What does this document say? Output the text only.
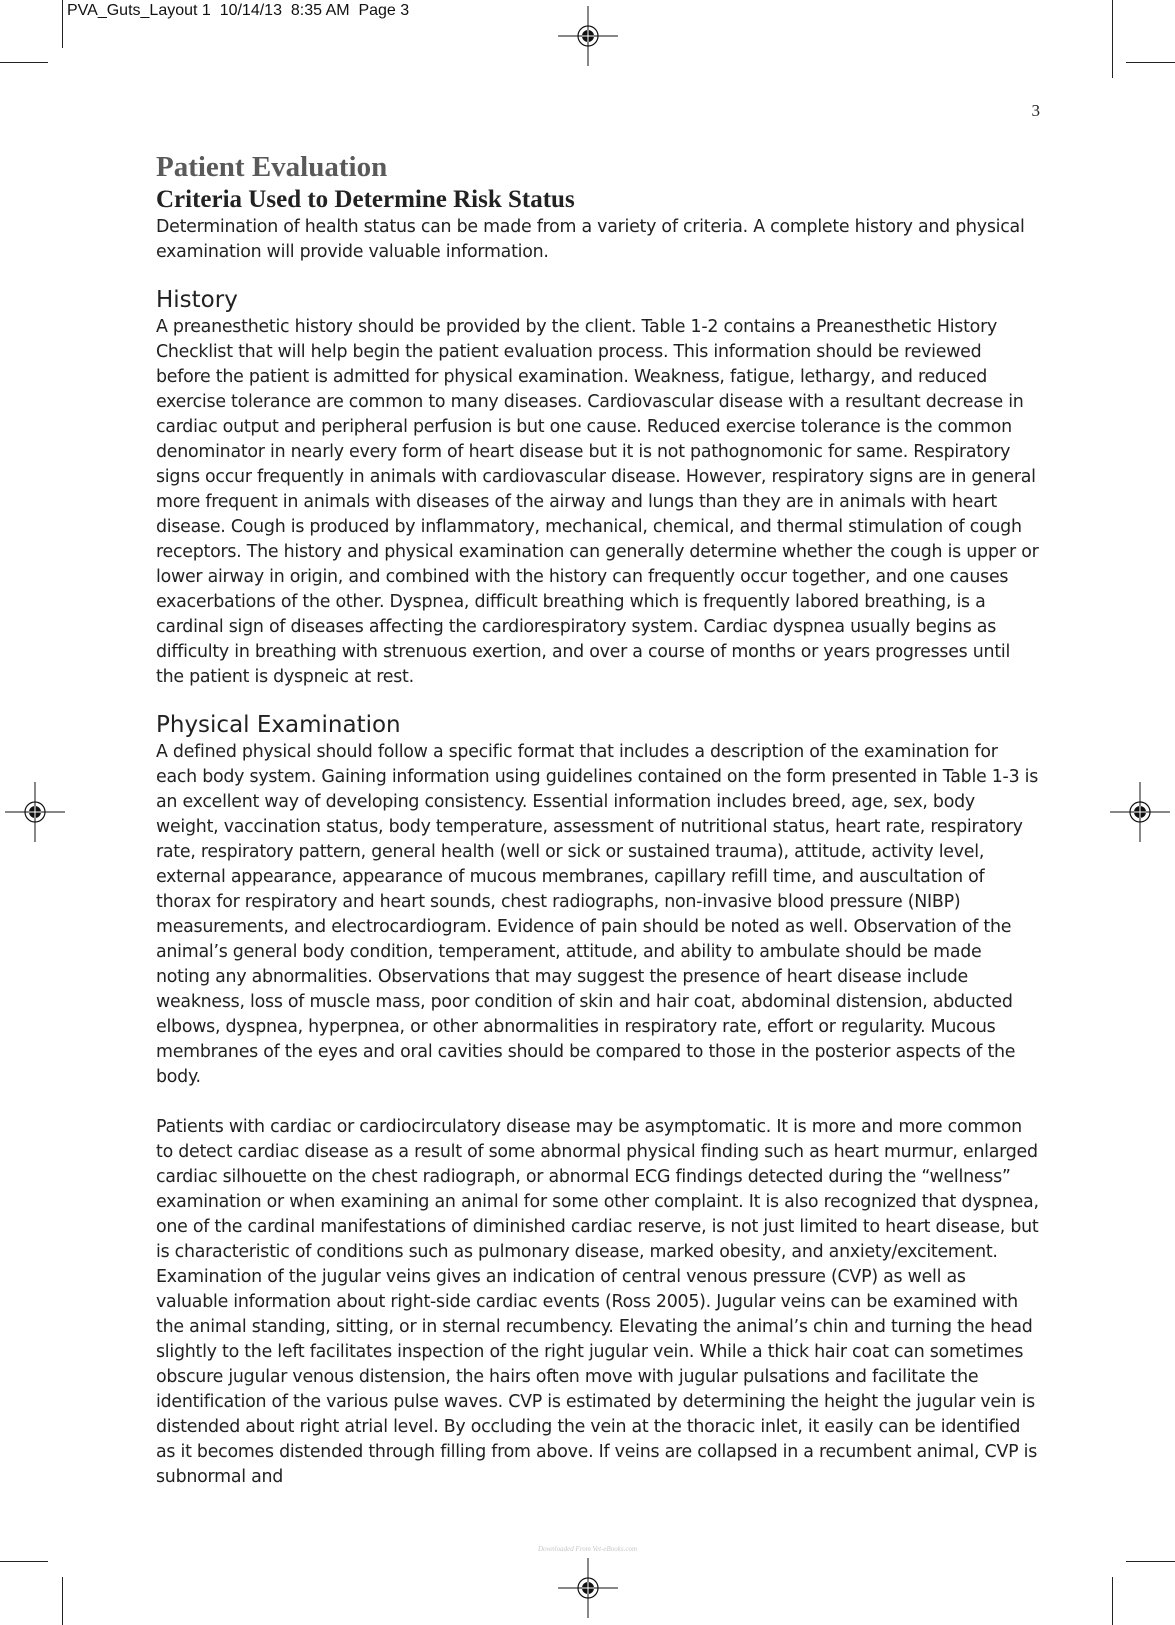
PVA_Guts_Layout 1  10/14/13  8:35 AM  Page 3
3
Patient Evaluation
Criteria Used to Determine Risk Status

Determination of health status can be made from a variety of criteria. A complete history and physical examination will provide valuable information.

History

A preanesthetic history should be provided by the client. Table 1-2 contains a Preanesthetic History Checklist that will help begin the patient evaluation process. This information should be reviewed before the patient is admitted for physical examination. Weakness, fatigue, lethargy, and reduced exercise tolerance are common to many diseases. Cardiovascular disease with a resultant decrease in cardiac output and peripheral perfusion is but one cause. Reduced exercise tolerance is the common denominator in nearly every form of heart disease but it is not pathognomonic for same. Respiratory signs occur frequently in animals with cardiovascular disease. However, respiratory signs are in general more frequent in animals with diseases of the airway and lungs than they are in animals with heart disease. Cough is produced by inflammatory, mechanical, chemical, and thermal stimulation of cough receptors. The history and physical examination can generally determine whether the cough is upper or lower airway in origin, and combined with the history can frequently occur together, and one causes exacerbations of the other. Dyspnea, difficult breathing which is frequently labored breathing, is a cardinal sign of diseases affecting the cardiorespiratory system. Cardiac dyspnea usually begins as difficulty in breathing with strenuous exertion, and over a course of months or years progresses until the patient is dyspneic at rest.

Physical Examination

A defined physical should follow a specific format that includes a description of the examination for each body system. Gaining information using guidelines contained on the form presented in Table 1-3 is an excellent way of developing consistency. Essential information includes breed, age, sex, body weight, vaccination status, body temperature, assessment of nutritional status, heart rate, respiratory rate, respiratory pattern, general health (well or sick or sustained trauma), attitude, activity level, external appearance, appearance of mucous membranes, capillary refill time, and auscultation of thorax for respiratory and heart sounds, chest radiographs, non-invasive blood pressure (NIBP) measurements, and electrocardiogram. Evidence of pain should be noted as well. Observation of the animal’s general body condition, temperament, attitude, and ability to ambulate should be made noting any abnormalities. Observations that may suggest the presence of heart disease include weakness, loss of muscle mass, poor condition of skin and hair coat, abdominal distension, abducted elbows, dyspnea, hyperpnea, or other abnormalities in respiratory rate, effort or regularity. Mucous membranes of the eyes and oral cavities should be compared to those in the posterior aspects of the body.

Patients with cardiac or cardiocirculatory disease may be asymptomatic. It is more and more common to detect cardiac disease as a result of some abnormal physical finding such as heart murmur, enlarged cardiac silhouette on the chest radiograph, or abnormal ECG findings detected during the “wellness” examination or when examining an animal for some other complaint. It is also recognized that dyspnea, one of the cardinal manifestations of diminished cardiac reserve, is not just limited to heart disease, but is characteristic of conditions such as pulmonary disease, marked obesity, and anxiety/excitement. Examination of the jugular veins gives an indication of central venous pressure (CVP) as well as valuable information about right-side cardiac events (Ross 2005). Jugular veins can be examined with the animal standing, sitting, or in sternal recumbency. Elevating the animal’s chin and turning the head slightly to the left facilitates inspection of the right jugular vein. While a thick hair coat can sometimes obscure jugular venous distension, the hairs often move with jugular pulsations and facilitate the identification of the various pulse waves. CVP is estimated by determining the height the jugular vein is distended about right atrial level. By occluding the vein at the thoracic inlet, it easily can be identified as it becomes distended through filling from above. If veins are collapsed in a recumbent animal, CVP is subnormal and

Downloaded From Vet-eBooks.com
